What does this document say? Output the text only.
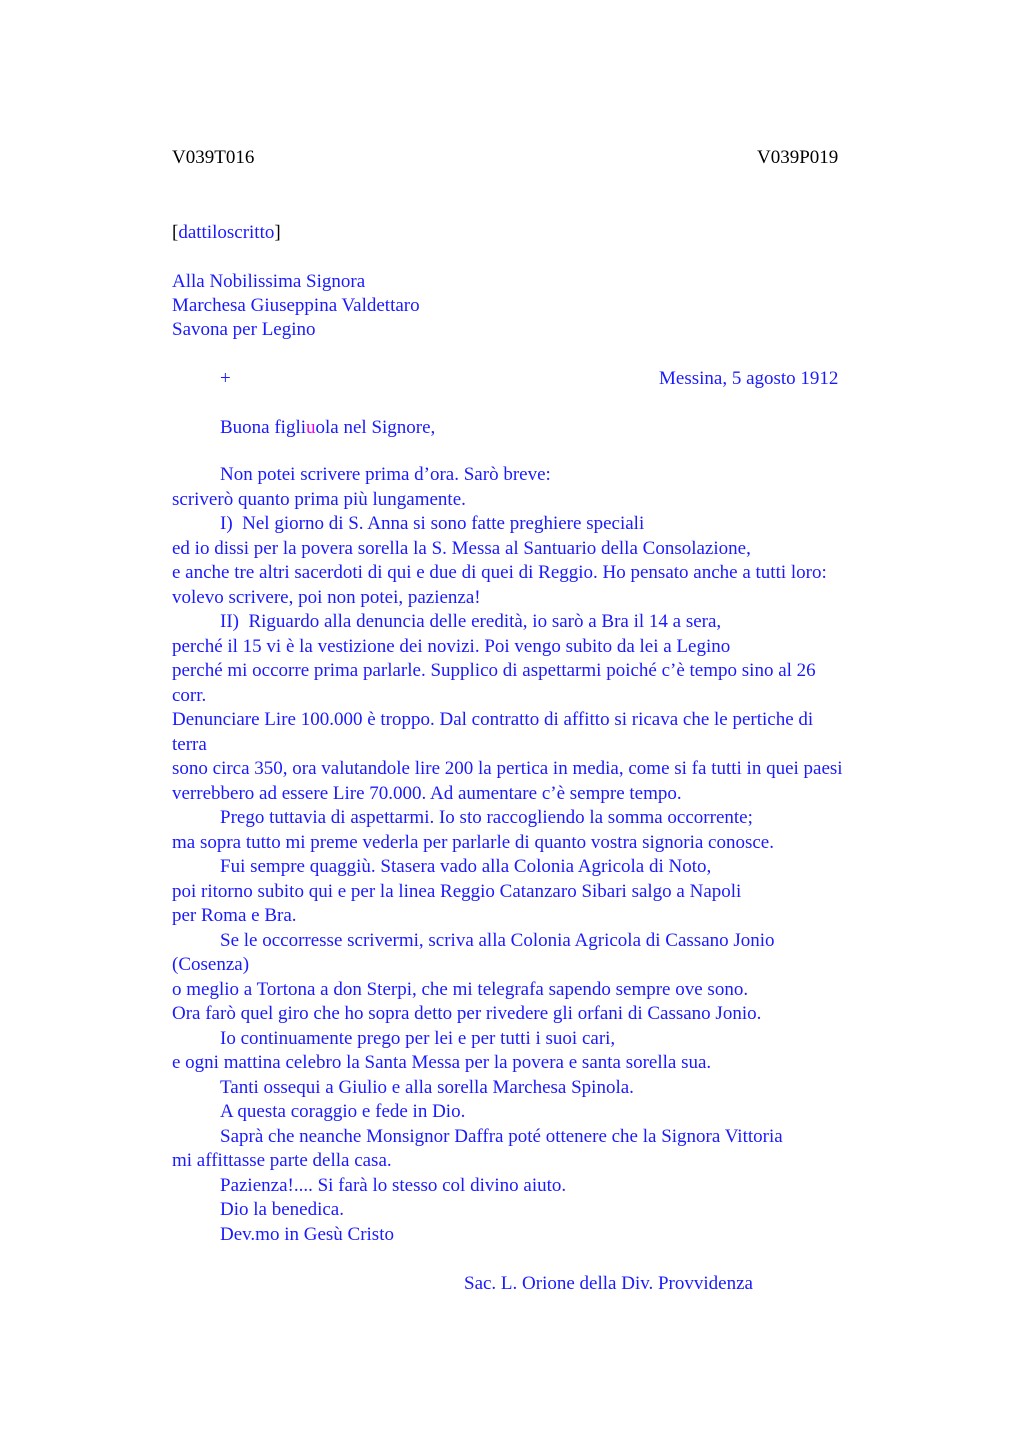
V039T016	V039P019
[dattiloscritto]
Alla Nobilissima Signora
Marchesa Giuseppina Valdettaro
Savona per Legino
+	Messina, 5 agosto 1912
Buona figliuola nel Signore,
Non potei scrivere prima d’ora. Sarò breve:
scriverò quanto prima più lungamente.
I)  Nel giorno di S. Anna si sono fatte preghiere speciali
ed io dissi per la povera sorella la S. Messa al Santuario della Consolazione,
e anche tre altri sacerdoti di qui e due di quei di Reggio. Ho pensato anche a tutti loro:
volevo scrivere, poi non potei, pazienza!
II)  Riguardo alla denuncia delle eredità, io sarò a Bra il 14 a sera,
perché il 15 vi è la vestizione dei novizi. Poi vengo subito da lei a Legino
perché mi occorre prima parlarle. Supplico di aspettarmi poiché c’è tempo sino al 26
corr.
Denunciare Lire 100.000 è troppo. Dal contratto di affitto si ricava che le pertiche di
terra
sono circa 350, ora valutandole lire 200 la pertica in media, come si fa tutti in quei paesi
verrebbero ad essere Lire 70.000. Ad aumentare c’è sempre tempo.
Prego tuttavia di aspettarmi. Io sto raccogliendo la somma occorrente;
ma sopra tutto mi preme vederla per parlarle di quanto vostra signoria conosce.
Fui sempre quaggiù. Stasera vado alla Colonia Agricola di Noto,
poi ritorno subito qui e per la linea Reggio Catanzaro Sibari salgo a Napoli
per Roma e Bra.
Se le occorresse scrivermi, scriva alla Colonia Agricola di Cassano Jonio
(Cosenza)
o meglio a Tortona a don Sterpi, che mi telegrafa sapendo sempre ove sono.
Ora farò quel giro che ho sopra detto per rivedere gli orfani di Cassano Jonio.
Io continuamente prego per lei e per tutti i suoi cari,
e ogni mattina celebro la Santa Messa per la povera e santa sorella sua.
Tanti ossequi a Giulio e alla sorella Marchesa Spinola.
A questa coraggio e fede in Dio.
Saprà che neanche Monsignor Daffra poté ottenere che la Signora Vittoria
mi affittasse parte della casa.
Pazienza!.... Si farà lo stesso col divino aiuto.
Dio la benedica.
Dev.mo in Gesù Cristo
Sac. L. Orione della Div. Provvidenza
